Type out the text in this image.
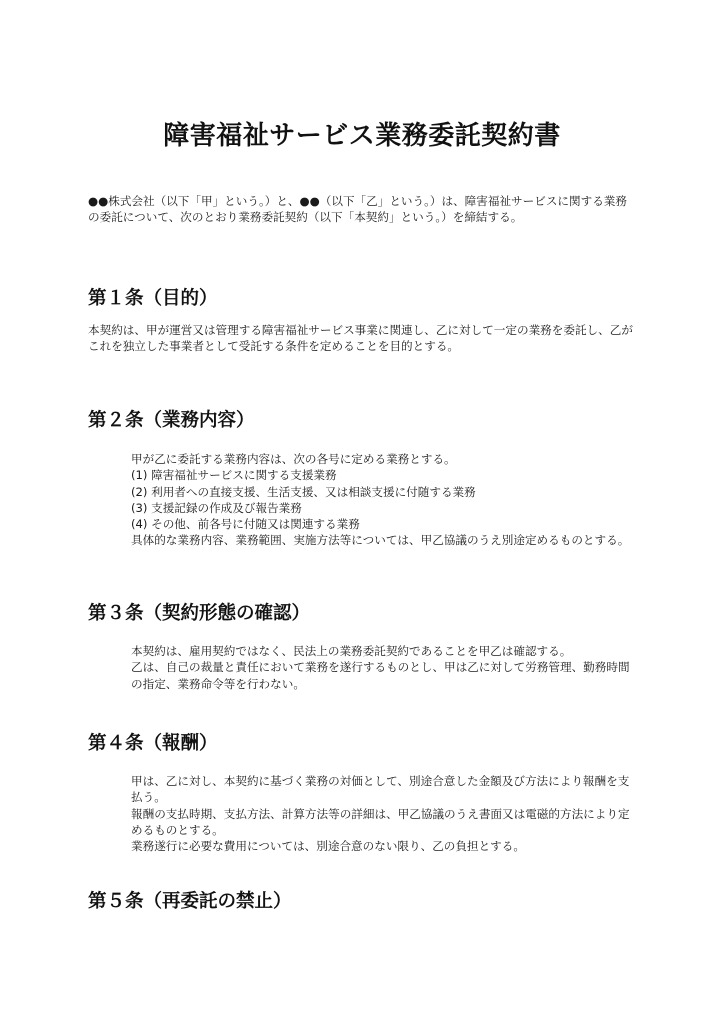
障害福祉サービス業務委託契約書

●●株式会社（以下「甲」という。）と、●●（以下「乙」という。）は、障害福祉サービスに関する業務の委託について、次のとおり業務委託契約（以下「本契約」という。）を締結する。

第１条（目的）

本契約は、甲が運営又は管理する障害福祉サービス事業に関連し、乙に対して一定の業務を委託し、乙がこれを独立した事業者として受託する条件を定めることを目的とする。

第２条（業務内容）

甲が乙に委託する業務内容は、次の各号に定める業務とする。

(1) 障害福祉サービスに関する支援業務

(2) 利用者への直接支援、生活支援、又は相談支援に付随する業務

(3) 支援記録の作成及び報告業務

(4) その他、前各号に付随又は関連する業務

具体的な業務内容、業務範囲、実施方法等については、甲乙協議のうえ別途定めるものとする。

第３条（契約形態の確認）

本契約は、雇用契約ではなく、民法上の業務委託契約であることを甲乙は確認する。

乙は、自己の裁量と責任において業務を遂行するものとし、甲は乙に対して労務管理、勤務時間の指定、業務命令等を行わない。

第４条（報酬）

甲は、乙に対し、本契約に基づく業務の対価として、別途合意した金額及び方法により報酬を支払う。

報酬の支払時期、支払方法、計算方法等の詳細は、甲乙協議のうえ書面又は電磁的方法により定めるものとする。

業務遂行に必要な費用については、別途合意のない限り、乙の負担とする。

第５条（再委託の禁止）
